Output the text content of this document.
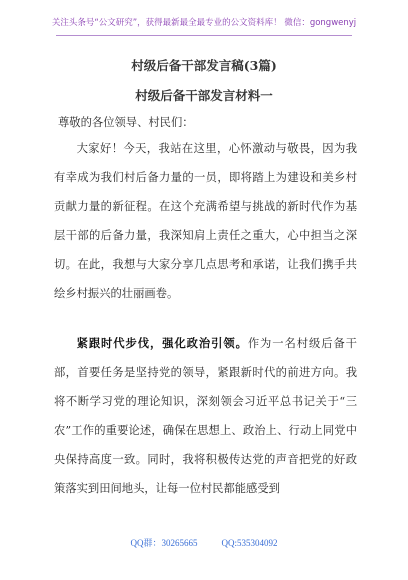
关注头条号“公文研究”，获得最新最全最专业的公文资料库！ 微信：gongwenyj
村级后备干部发言稿(3篇)
村级后备干部发言材料一
尊敬的各位领导、村民们：
大家好！今天，我站在这里，心怀激动与敬畏，因为我有幸成为我们村后备力量的一员，即将踏上为建设和美乡村贡献力量的新征程。在这个充满希望与挑战的新时代作为基层干部的后备力量，我深知肩上责任之重大，心中担当之深切。在此，我想与大家分享几点思考和承诺，让我们携手共绘乡村振兴的壮丽画卷。
紧跟时代步伐，强化政治引领。作为一名村级后备干部，首要任务是坚持党的领导，紧跟新时代的前进方向。我将不断学习党的理论知识，深刻领会习近平总书记关于“三农”工作的重要论述，确保在思想上、政治上、行动上同党中央保持高度一致。同时，我将积极传达党的声音把党的好政策落实到田间地头，让每一位村民都能感受到
QQ群：30265665	QQ:535304092
